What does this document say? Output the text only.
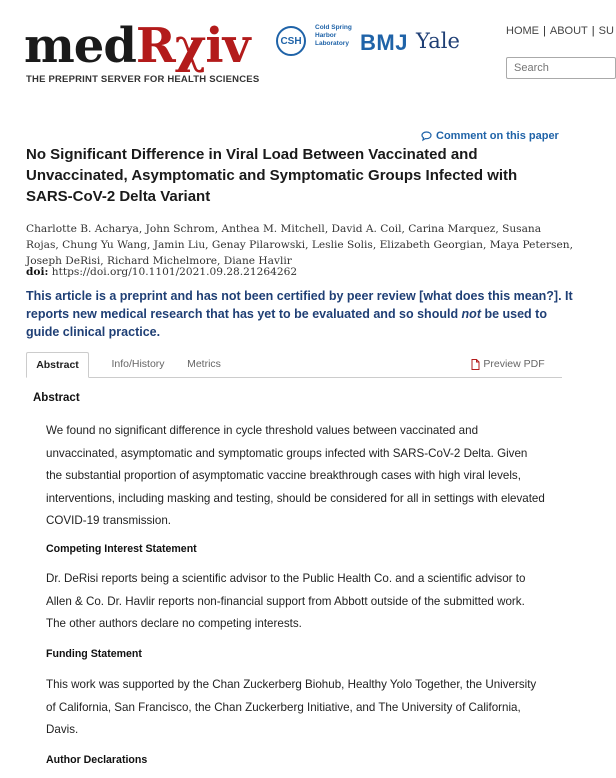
medRχiv
THE PREPRINT SERVER FOR HEALTH SCIENCES
CSH
Cold Spring Harbor Laboratory BMJ Yale	HOME | ABOUT | SU
Search
Comment on this paper
No Significant Difference in Viral Load Between Vaccinated and Unvaccinated, Asymptomatic and Symptomatic Groups Infected with SARS-CoV-2 Delta Variant
Charlotte B. Acharya, John Schrom, Anthea M. Mitchell, David A. Coil, Carina Marquez, Susana Rojas, Chung Yu Wang, Jamin Liu, Genay Pilarowski, Leslie Solis, Elizabeth Georgian, Maya Petersen, Joseph DeRisi, Richard Michelmore, Diane Havlir
doi: https://doi.org/10.1101/2021.09.28.21264262
This article is a preprint and has not been certified by peer review [what does this mean?]. It reports new medical research that has yet to be evaluated and so should not be used to guide clinical practice.
Abstract	Info/History	Metrics	Preview PDF
Abstract
We found no significant difference in cycle threshold values between vaccinated and unvaccinated, asymptomatic and symptomatic groups infected with SARS-CoV-2 Delta. Given the substantial proportion of asymptomatic vaccine breakthrough cases with high viral levels, interventions, including masking and testing, should be considered for all in settings with elevated COVID-19 transmission.
Competing Interest Statement
Dr. DeRisi reports being a scientific advisor to the Public Health Co. and a scientific advisor to Allen & Co. Dr. Havlir reports non-financial support from Abbott outside of the submitted work. The other authors declare no competing interests.
Funding Statement
This work was supported by the Chan Zuckerberg Biohub, Healthy Yolo Together, the University of California, San Francisco, the Chan Zuckerberg Initiative, and The University of California, Davis.
Author Declarations
